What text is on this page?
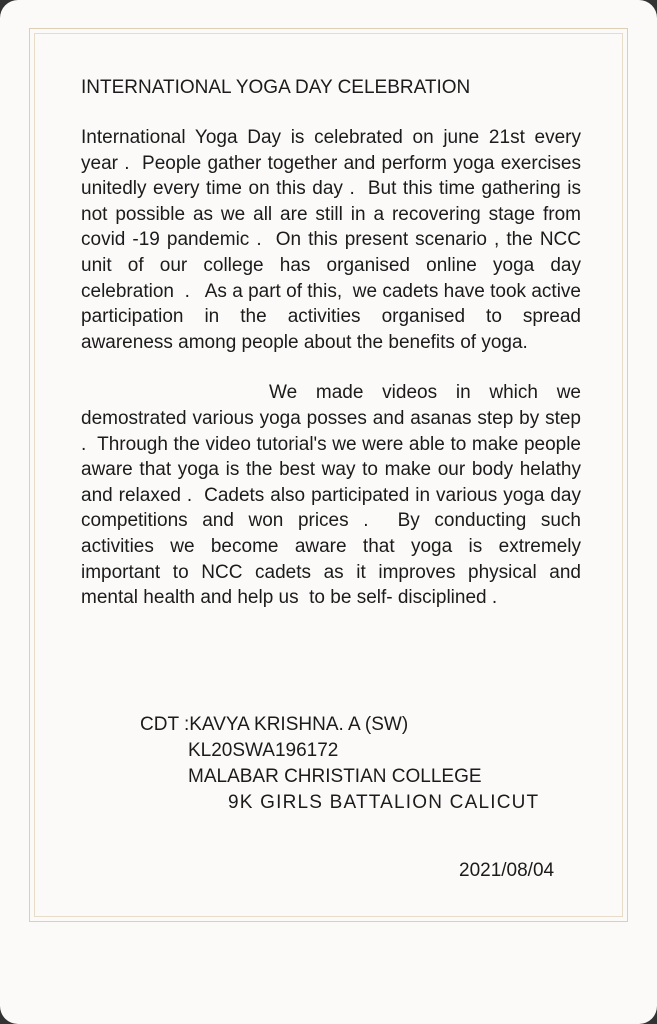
INTERNATIONAL YOGA DAY CELEBRATION

International Yoga Day is celebrated on june 21st every year .  People gather together and perform yoga exercises unitedly every time on this day .  But this time gathering is not possible as we all are still in a recovering stage from covid -19 pandemic .  On this present scenario , the NCC unit of our college has organised online yoga day celebration  .   As a part of this,  we cadets have took active participation in the activities organised to spread awareness among people about the benefits of yoga.

We made videos in which we demostrated various yoga posses and asanas step by step  .  Through the video tutorial's we were able to make people aware that yoga is the best way to make our body helathy and relaxed .  Cadets also participated in various yoga day competitions and won prices .  By conducting such activities we become aware that yoga is extremely important to NCC cadets as it improves physical and mental health and help us  to be self- disciplined .

CDT :KAVYA KRISHNA. A (SW)
KL20SWA196172
MALABAR CHRISTIAN COLLEGE
9K GIRLS BATTALION CALICUT
2021/08/04
